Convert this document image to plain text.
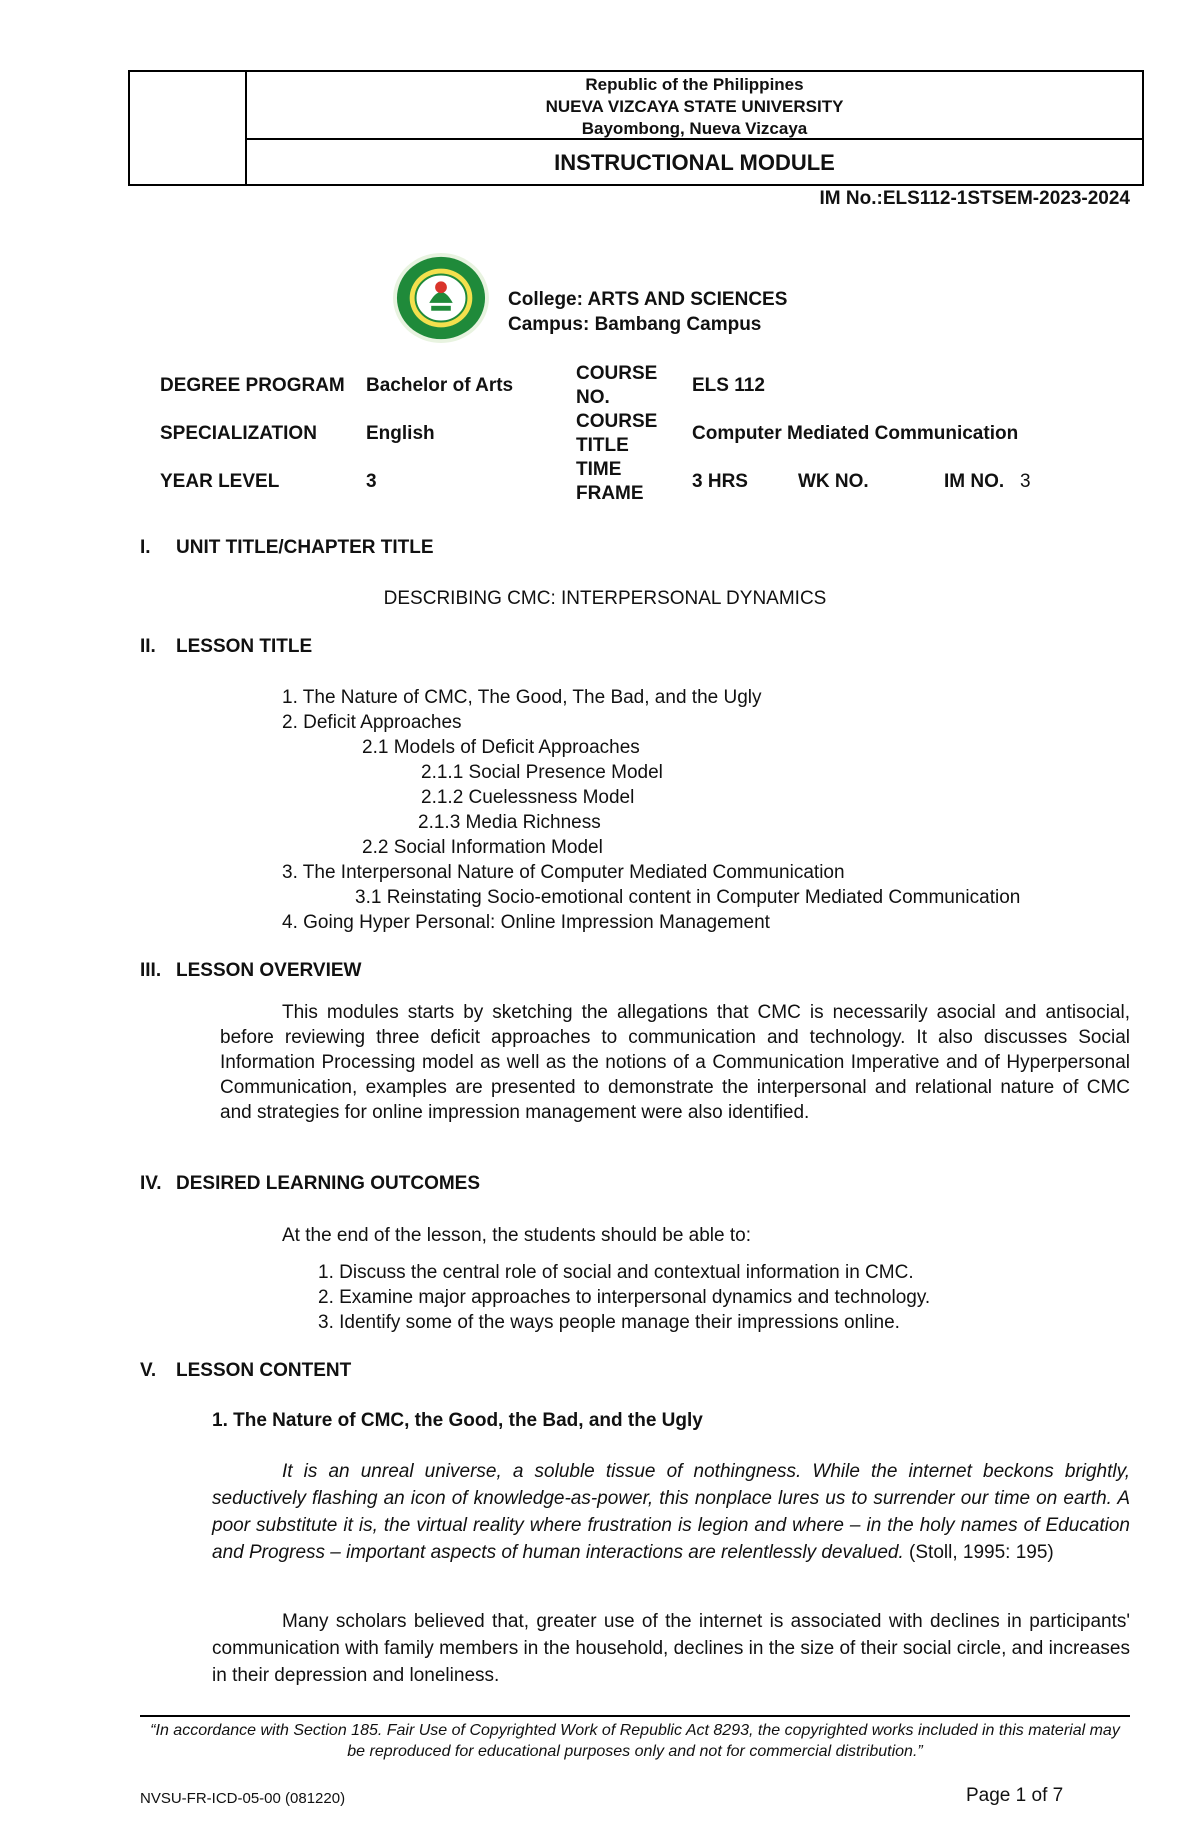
Republic of the Philippines
NUEVA VIZCAYA STATE UNIVERSITY
Bayombong, Nueva Vizcaya
INSTRUCTIONAL MODULE
IM No.:ELS112-1STSEM-2023-2024
College: ARTS AND SCIENCES
Campus: Bambang Campus
DEGREE PROGRAM	Bachelor of Arts	COURSE NO.	ELS 112			
SPECIALIZATION	English	COURSE TITLE	Computer Mediated Communication			
YEAR LEVEL	3	TIME FRAME	3 HRS	WK NO.	IM NO.	3
I. UNIT TITLE/CHAPTER TITLE
DESCRIBING CMC: INTERPERSONAL DYNAMICS
II. LESSON TITLE
1. The Nature of CMC, The Good, The Bad, and the Ugly
2. Deficit Approaches
2.1 Models of Deficit Approaches
2.1.1 Social Presence Model
2.1.2 Cuelessness Model
2.1.3 Media Richness
2.2 Social Information Model
3. The Interpersonal Nature of Computer Mediated Communication
3.1 Reinstating Socio-emotional content in Computer Mediated Communication
4. Going Hyper Personal: Online Impression Management
III. LESSON OVERVIEW
This modules starts by sketching the allegations that CMC is necessarily asocial and antisocial, before reviewing three deficit approaches to communication and technology. It also discusses Social Information Processing model as well as the notions of a Communication Imperative and of Hyperpersonal Communication, examples are presented to demonstrate the interpersonal and relational nature of CMC and strategies for online impression management were also identified.
IV. DESIRED LEARNING OUTCOMES
At the end of the lesson, the students should be able to:
1. Discuss the central role of social and contextual information in CMC.
2. Examine major approaches to interpersonal dynamics and technology.
3. Identify some of the ways people manage their impressions online.
V. LESSON CONTENT
1. The Nature of CMC, the Good, the Bad, and the Ugly
It is an unreal universe, a soluble tissue of nothingness. While the internet beckons brightly, seductively flashing an icon of knowledge-as-power, this nonplace lures us to surrender our time on earth. A poor substitute it is, the virtual reality where frustration is legion and where – in the holy names of Education and Progress – important aspects of human interactions are relentlessly devalued. (Stoll, 1995: 195)
Many scholars believed that, greater use of the internet is associated with declines in participants' communication with family members in the household, declines in the size of their social circle, and increases in their depression and loneliness.
“In accordance with Section 185. Fair Use of Copyrighted Work of Republic Act 8293, the copyrighted works included in this material may be reproduced for educational purposes only and not for commercial distribution.”
NVSU-FR-ICD-05-00 (081220)	Page 1 of 7
